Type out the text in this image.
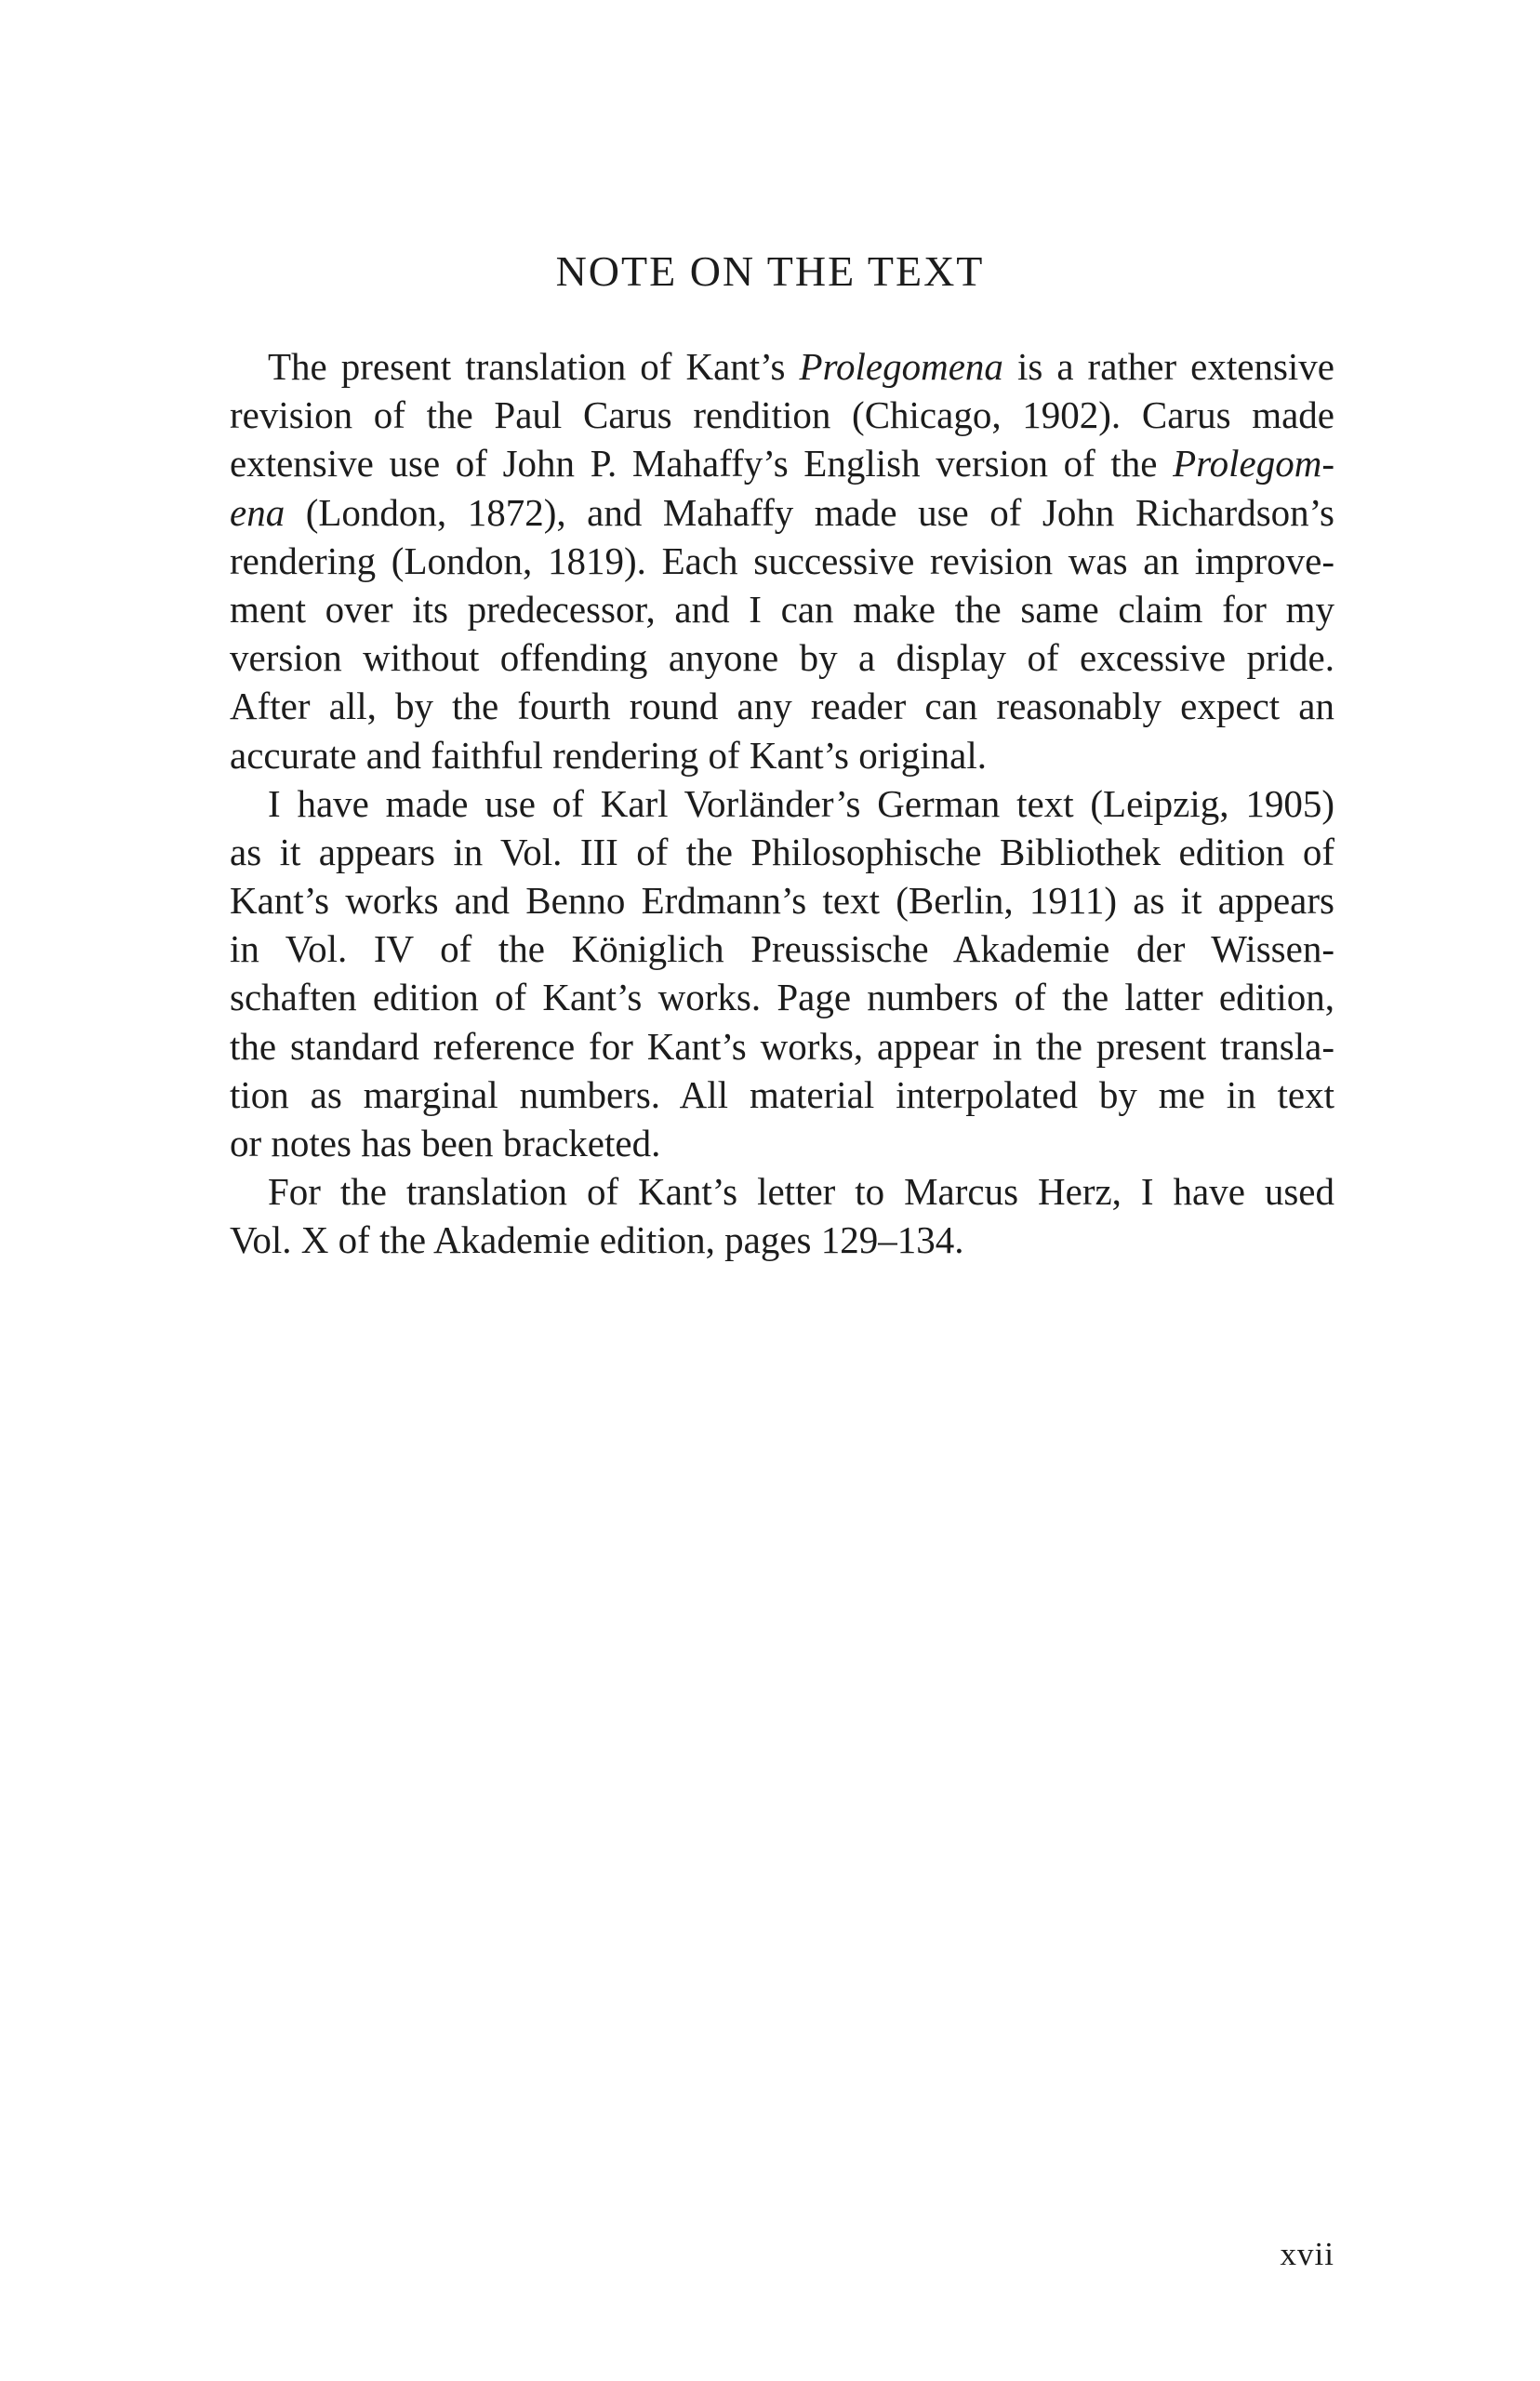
NOTE ON THE TEXT
The present translation of Kant’s Prolegomena is a rather extensive
revision of the Paul Carus rendition (Chicago, 1902). Carus made
extensive use of John P. Mahaffy’s English version of the Prolegom-
ena (London, 1872), and Mahaffy made use of John Richardson’s
rendering (London, 1819). Each successive revision was an improve-
ment over its predecessor, and I can make the same claim for my
version without offending anyone by a display of excessive pride.
After all, by the fourth round any reader can reasonably expect an
accurate and faithful rendering of Kant’s original.
I have made use of Karl Vorländer’s German text (Leipzig, 1905)
as it appears in Vol. III of the Philosophische Bibliothek edition of
Kant’s works and Benno Erdmann’s text (Berlin, 1911) as it appears
in Vol. IV of the Königlich Preussische Akademie der Wissen-
schaften edition of Kant’s works. Page numbers of the latter edition,
the standard reference for Kant’s works, appear in the present transla-
tion as marginal numbers. All material interpolated by me in text
or notes has been bracketed.
For the translation of Kant’s letter to Marcus Herz, I have used
Vol. X of the Akademie edition, pages 129–134.
xvii
